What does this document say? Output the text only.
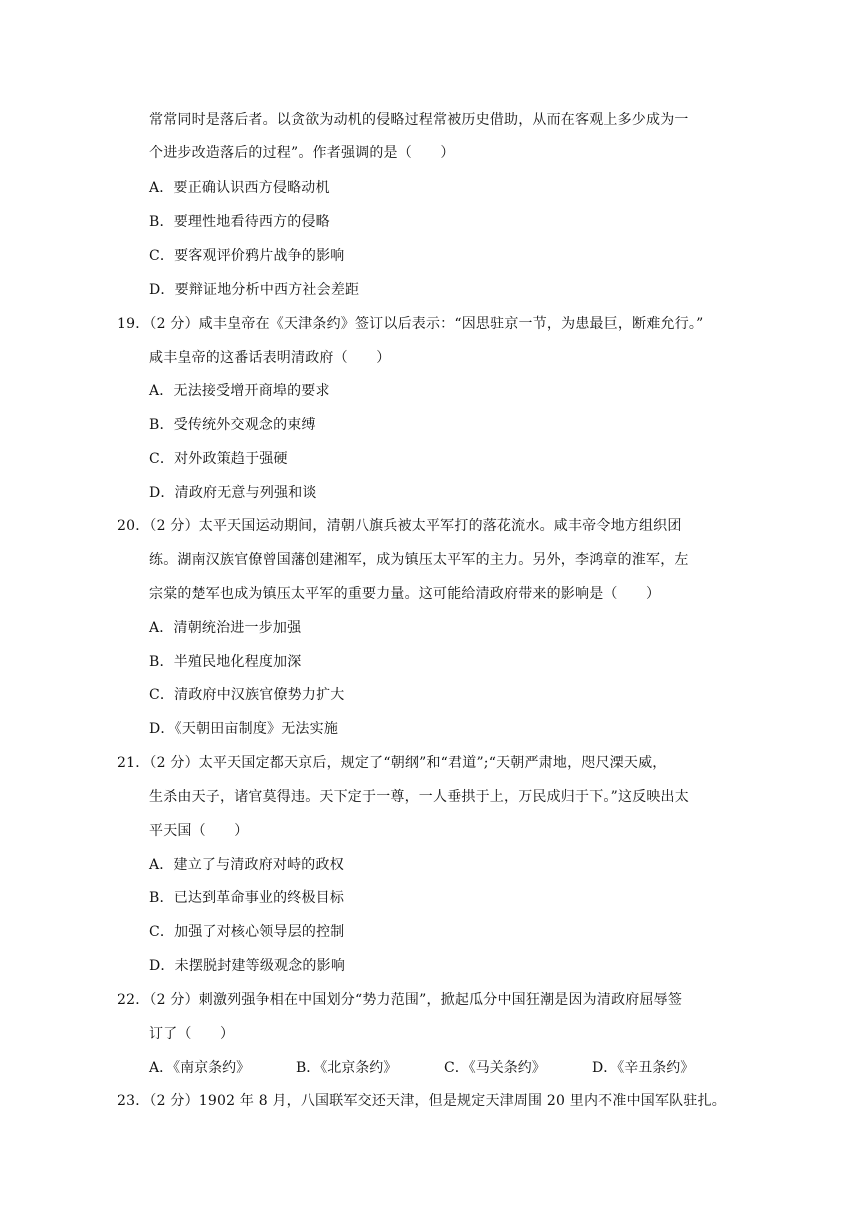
常常同时是落后者。以贪欲为动机的侵略过程常被历史借助，从而在客观上多少成为一
个进步改造落后的过程”。作者强调的是（　　）
A．要正确认识西方侵略动机
B．要理性地看待西方的侵略
C．要客观评价鸦片战争的影响
D．要辩证地分析中西方社会差距
19．（2 分）咸丰皇帝在《天津条约》签订以后表示：“因思驻京一节，为患最巨，断难允行。”
咸丰皇帝的这番话表明清政府（　　）
A．无法接受增开商埠的要求
B．受传统外交观念的束缚
C．对外政策趋于强硬
D．清政府无意与列强和谈
20．（2 分）太平天国运动期间，清朝八旗兵被太平军打的落花流水。咸丰帝令地方组织团
练。湖南汉族官僚曾国藩创建湘军，成为镇压太平军的主力。另外，李鸿章的淮军，左
宗棠的楚军也成为镇压太平军的重要力量。这可能给清政府带来的影响是（　　）
A．清朝统治进一步加强
B．半殖民地化程度加深
C．清政府中汉族官僚势力扩大
D．《天朝田亩制度》无法实施
21．（2 分）太平天国定都天京后，规定了“朝纲”和“君道”;“天朝严肃地，咫尺溧天威，
生杀由天子，诸官莫得违。天下定于一尊，一人垂拱于上，万民成归于下。”这反映出太
平天国（　　）
A．建立了与清政府对峙的政权
B．已达到革命事业的终极目标
C．加强了对核心领导层的控制
D．未摆脱封建等级观念的影响
22．（2 分）刺激列强争相在中国划分“势力范围”，掀起瓜分中国狂潮是因为清政府屈辱签
订了（　　）
A．《南京条约》	B．《北京条约》	C．《马关条约》	D．《辛丑条约》
23．（2 分）1902 年 8 月，八国联军交还天津，但是规定天津周围 20 里内不准中国军队驻扎。
